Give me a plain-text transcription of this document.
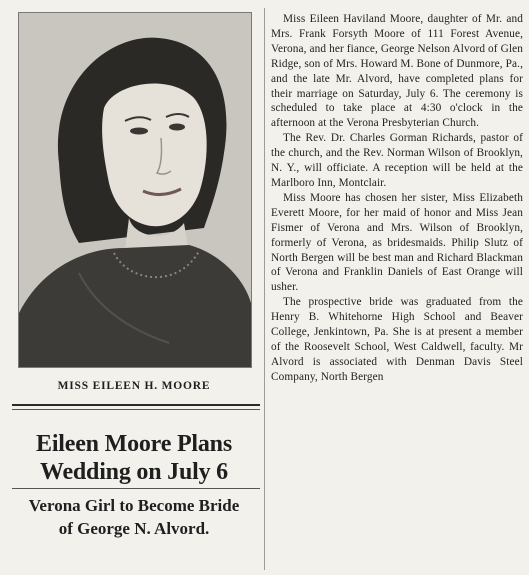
MISS EILEEN H. MOORE
Eileen Moore Plans
Wedding on July 6
Verona Girl to Become Bride
of George N. Alvord.

Miss Eileen Haviland Moore, daughter of Mr. and Mrs. Frank Forsyth Moore of 111 Forest Avenue, Verona, and her fiance, George Nelson Alvord of Glen Ridge, son of Mrs. Howard M. Bone of Dunmore, Pa., and the late Mr. Alvord, have completed plans for their marriage on Saturday, July 6. The ceremony is scheduled to take place at 4:30 o'clock in the afternoon at the Verona Presbyterian Church.

The Rev. Dr. Charles Gorman Richards, pastor of the church, and the Rev. Norman Wilson of Brooklyn, N. Y., will officiate. A reception will be held at the Marlboro Inn, Montclair.

Miss Moore has chosen her sister, Miss Elizabeth Everett Moore, for her maid of honor and Miss Jean Fismer of Verona and Mrs. Wilson of Brooklyn, formerly of Verona, as bridesmaids. Philip Slutz of North Bergen will be best man and Richard Blackman of Verona and Franklin Daniels of East Orange will usher.

The prospective bride was graduated from the Henry B. Whitehorne High School and Beaver College, Jenkintown, Pa. She is at present a member of the Roosevelt School, West Caldwell, faculty. Mr Alvord is associated with Denman Davis Steel Company, North Bergen
